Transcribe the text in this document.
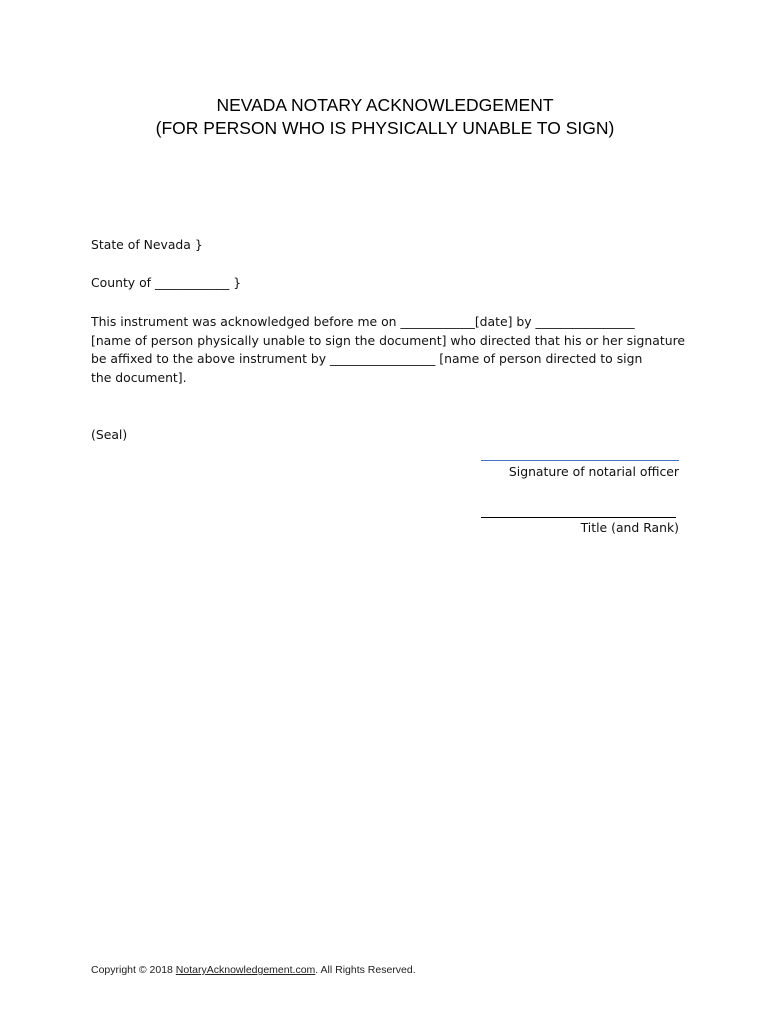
NEVADA NOTARY ACKNOWLEDGEMENT
(FOR PERSON WHO IS PHYSICALLY UNABLE TO SIGN)
State of Nevada }
County of ____________ }
This instrument was acknowledged before me on ____________[date] by ________________
[name of person physically unable to sign the document] who directed that his or her signature
be affixed to the above instrument by _________________ [name of person directed to sign
the document].
(Seal)
Signature of notarial officer
Title (and Rank)
Copyright © 2018 NotaryAcknowledgement.com. All Rights Reserved.
